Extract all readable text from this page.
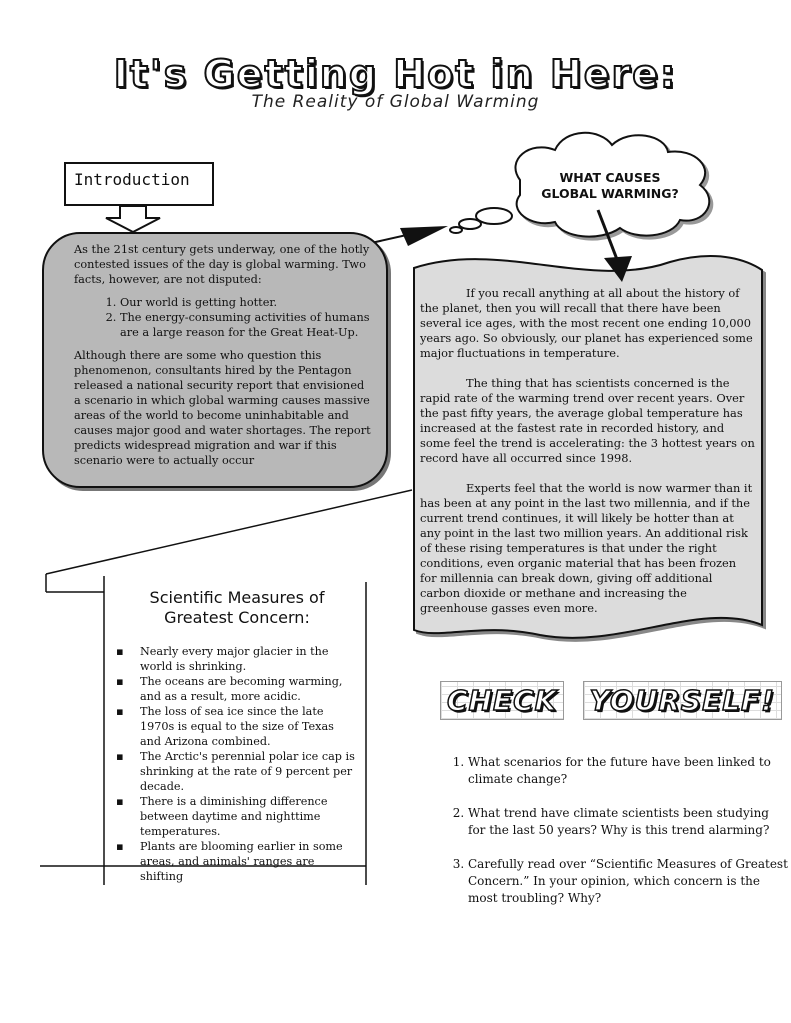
It's Getting Hot in Here:
The Reality of Global Warming
Introduction

As the 21st century gets underway, one of the hotly contested issues of the day is global warming. Two facts, however, are not disputed:

1. Our world is getting hotter.
2. The energy-consuming activities of humans are a large reason for the Great Heat-Up.

Although there are some who question this phenomenon, consultants hired by the Pentagon released a national security report that envisioned a scenario in which global warming causes massive areas of the world to become uninhabitable and causes major good and water shortages. The report predicts widespread migration and war if this scenario were to actually occur

WHAT CAUSES GLOBAL WARMING?

If you recall anything at all about the history of the planet, then you will recall that there have been several ice ages, with the most recent one ending 10,000 years ago. So obviously, our planet has experienced some major fluctuations in temperature.

The thing that has scientists concerned is the rapid rate of the warming trend over recent years. Over the past fifty years, the average global temperature has increased at the fastest rate in recorded history, and some feel the trend is accelerating: the 3 hottest years on record have all occurred since 1998.

Experts feel that the world is now warmer than it has been at any point in the last two millennia, and if the current trend continues, it will likely be hotter than at any point in the last two million years. An additional risk of these rising temperatures is that under the right conditions, even organic material that has been frozen for millennia can break down, giving off additional carbon dioxide or methane and increasing the greenhouse gasses even more.

Scientific Measures of Greatest Concern:
▪ Nearly every major glacier in the world is shrinking.
▪ The oceans are becoming warming, and as a result, more acidic.
▪ The loss of sea ice since the late 1970s is equal to the size of Texas and Arizona combined.
▪ The Arctic's perennial polar ice cap is shrinking at the rate of 9 percent per decade.
▪ There is a diminishing difference between daytime and nighttime temperatures.
▪ Plants are blooming earlier in some areas, and animals' ranges are shifting
CHECK YOURSELF!
1. What scenarios for the future have been linked to climate change?
2. What trend have climate scientists been studying for the last 50 years? Why is this trend alarming?
3. Carefully read over “Scientific Measures of Greatest Concern.” In your opinion, which concern is the most troubling? Why?
